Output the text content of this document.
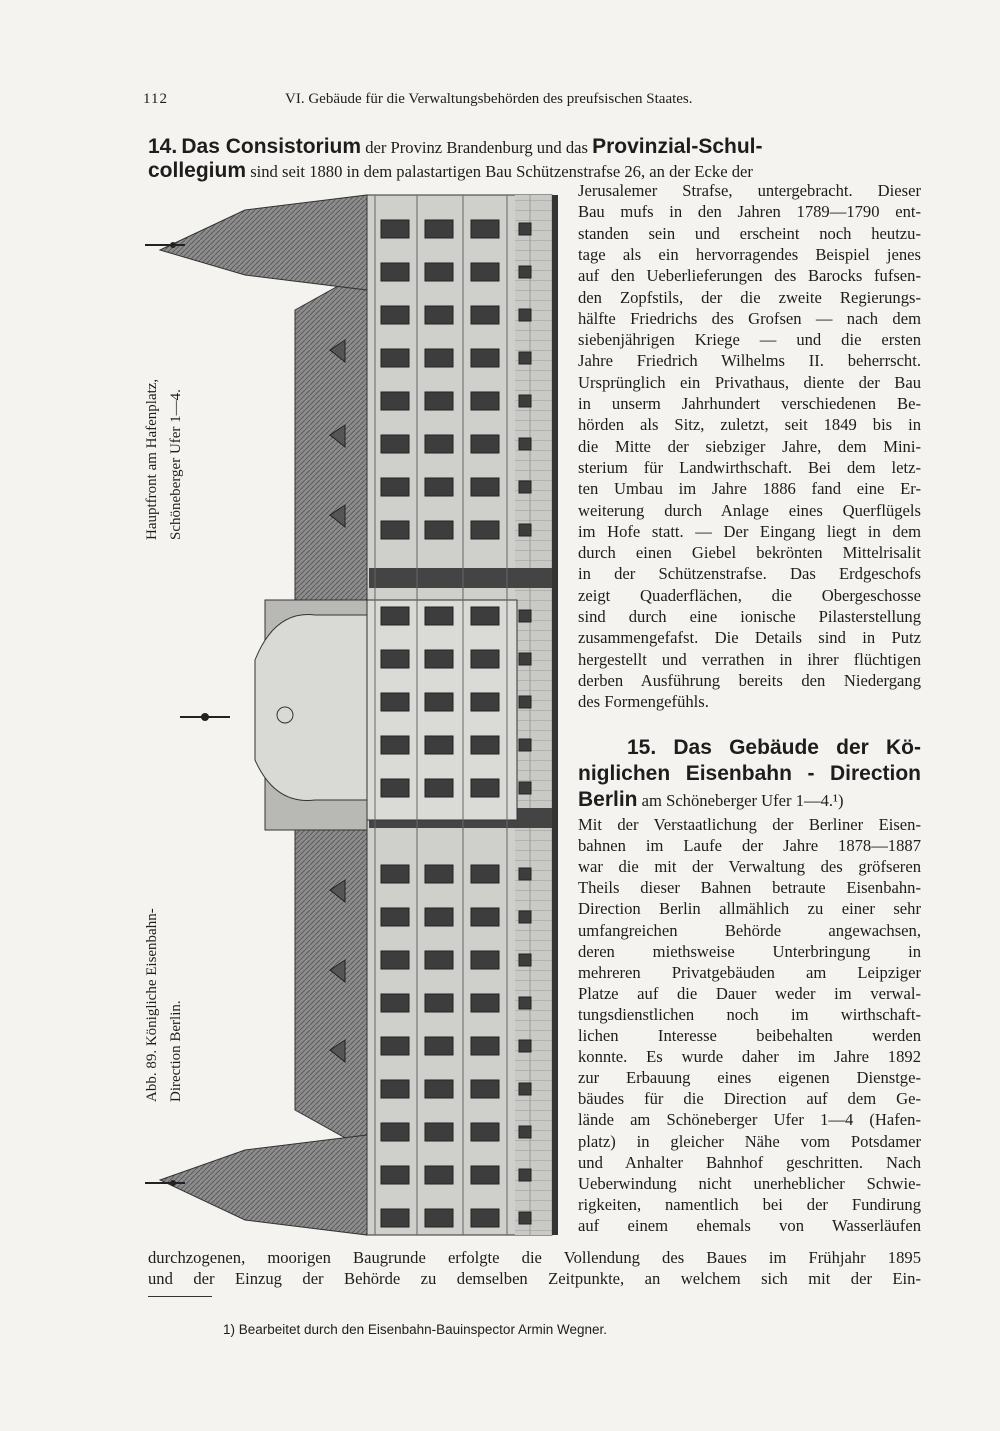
112	VI. Gebäude für die Verwaltungsbehörden des preufsischen Staates.
14. Das Consistorium der Provinz Brandenburg und das Provinzial-Schul-
collegium sind seit 1880 in dem palastartigen Bau Schützenstrafse 26, an der Ecke der
Jerusalemer Strafse, untergebracht. Dieser
Bau mufs in den Jahren 1789—1790 ent-
standen sein und erscheint noch heutzu-
tage als ein hervorragendes Beispiel jenes
auf den Ueberlieferungen des Barocks fufsen-
den Zopfstils, der die zweite Regierungs-
hälfte Friedrichs des Grofsen — nach dem
siebenjährigen Kriege — und die ersten
Jahre Friedrich Wilhelms II. beherrscht.
Ursprünglich ein Privathaus, diente der Bau
in unserm Jahrhundert verschiedenen Be-
hörden als Sitz, zuletzt, seit 1849 bis in
die Mitte der siebziger Jahre, dem Mini-
sterium für Landwirthschaft. Bei dem letz-
ten Umbau im Jahre 1886 fand eine Er-
weiterung durch Anlage eines Querflügels
im Hofe statt. — Der Eingang liegt in dem
durch einen Giebel bekrönten Mittelrisalit
in der Schützenstrafse. Das Erdgeschofs
zeigt Quaderflächen, die Obergeschosse
sind durch eine ionische Pilasterstellung
zusammengefafst. Die Details sind in Putz
hergestellt und verrathen in ihrer flüchtigen
derben Ausführung bereits den Niedergang
des Formengefühls.
15. Das Gebäude der Kö-
niglichen Eisenbahn - Direction
Berlin am Schöneberger Ufer 1—4.¹)
Mit der Verstaatlichung der Berliner Eisen-
bahnen im Laufe der Jahre 1878—1887
war die mit der Verwaltung des gröfseren
Theils dieser Bahnen betraute Eisenbahn-
Direction Berlin allmählich zu einer sehr
umfangreichen Behörde angewachsen,
deren miethsweise Unterbringung in
mehreren Privatgebäuden am Leipziger
Platze auf die Dauer weder im verwal-
tungsdienstlichen noch im wirthschaft-
lichen Interesse beibehalten werden
konnte. Es wurde daher im Jahre 1892
zur Erbauung eines eigenen Dienstge-
bäudes für die Direction auf dem Ge-
lände am Schöneberger Ufer 1—4 (Hafen-
platz) in gleicher Nähe vom Potsdamer
und Anhalter Bahnhof geschritten. Nach
Ueberwindung nicht unerheblicher Schwie-
rigkeiten, namentlich bei der Fundirung
auf einem ehemals von Wasserläufen
durchzogenen, moorigen Baugrunde erfolgte die Vollendung des Baues im Frühjahr 1895
und der Einzug der Behörde zu demselben Zeitpunkte, an welchem sich mit der Ein-
1) Bearbeitet durch den Eisenbahn-Bauinspector Armin Wegner.
Hauptfront am Hafenplatz, Schöneberger Ufer 1—4.
Abb. 89. Königliche Eisenbahn- Direction Berlin.
